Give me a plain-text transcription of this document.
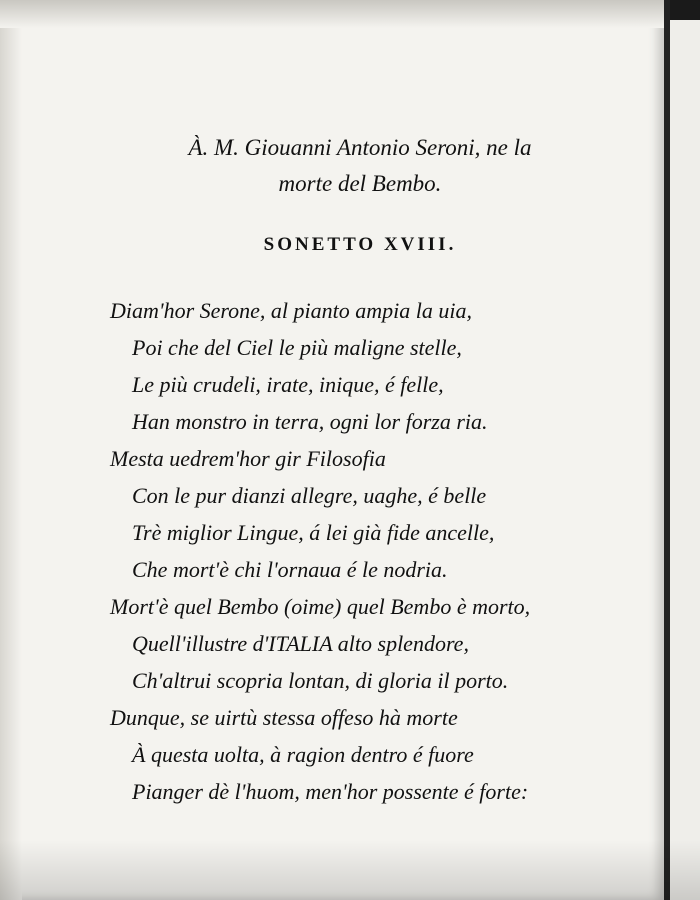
À. M. Giouanni Antonio Seroni, ne la
morte del Bembo.
SONETTO XVIII.
Diam'hor Serone, al pianto ampia la uia,
Poi che del Ciel le più maligne stelle,
Le più crudeli, irate, inique, é felle,
Han monstro in terra, ogni lor forza ria.
Mesta uedrem'hor gir Filosofia
Con le pur dianzi allegre, uaghe, é belle
Trè miglior Lingue, á lei già fide ancelle,
Che mort'è chi l'ornaua é le nodria.
Mort'è quel Bembo (oime) quel Bembo è morto,
Quell'illustre d'ITALIA alto splendore,
Ch'altrui scopria lontan, di gloria il porto.
Dunque, se uirtù stessa offeso hà morte
À questa uolta, à ragion dentro é fuore
Pianger dè l'huom, men'hor possente é forte:
